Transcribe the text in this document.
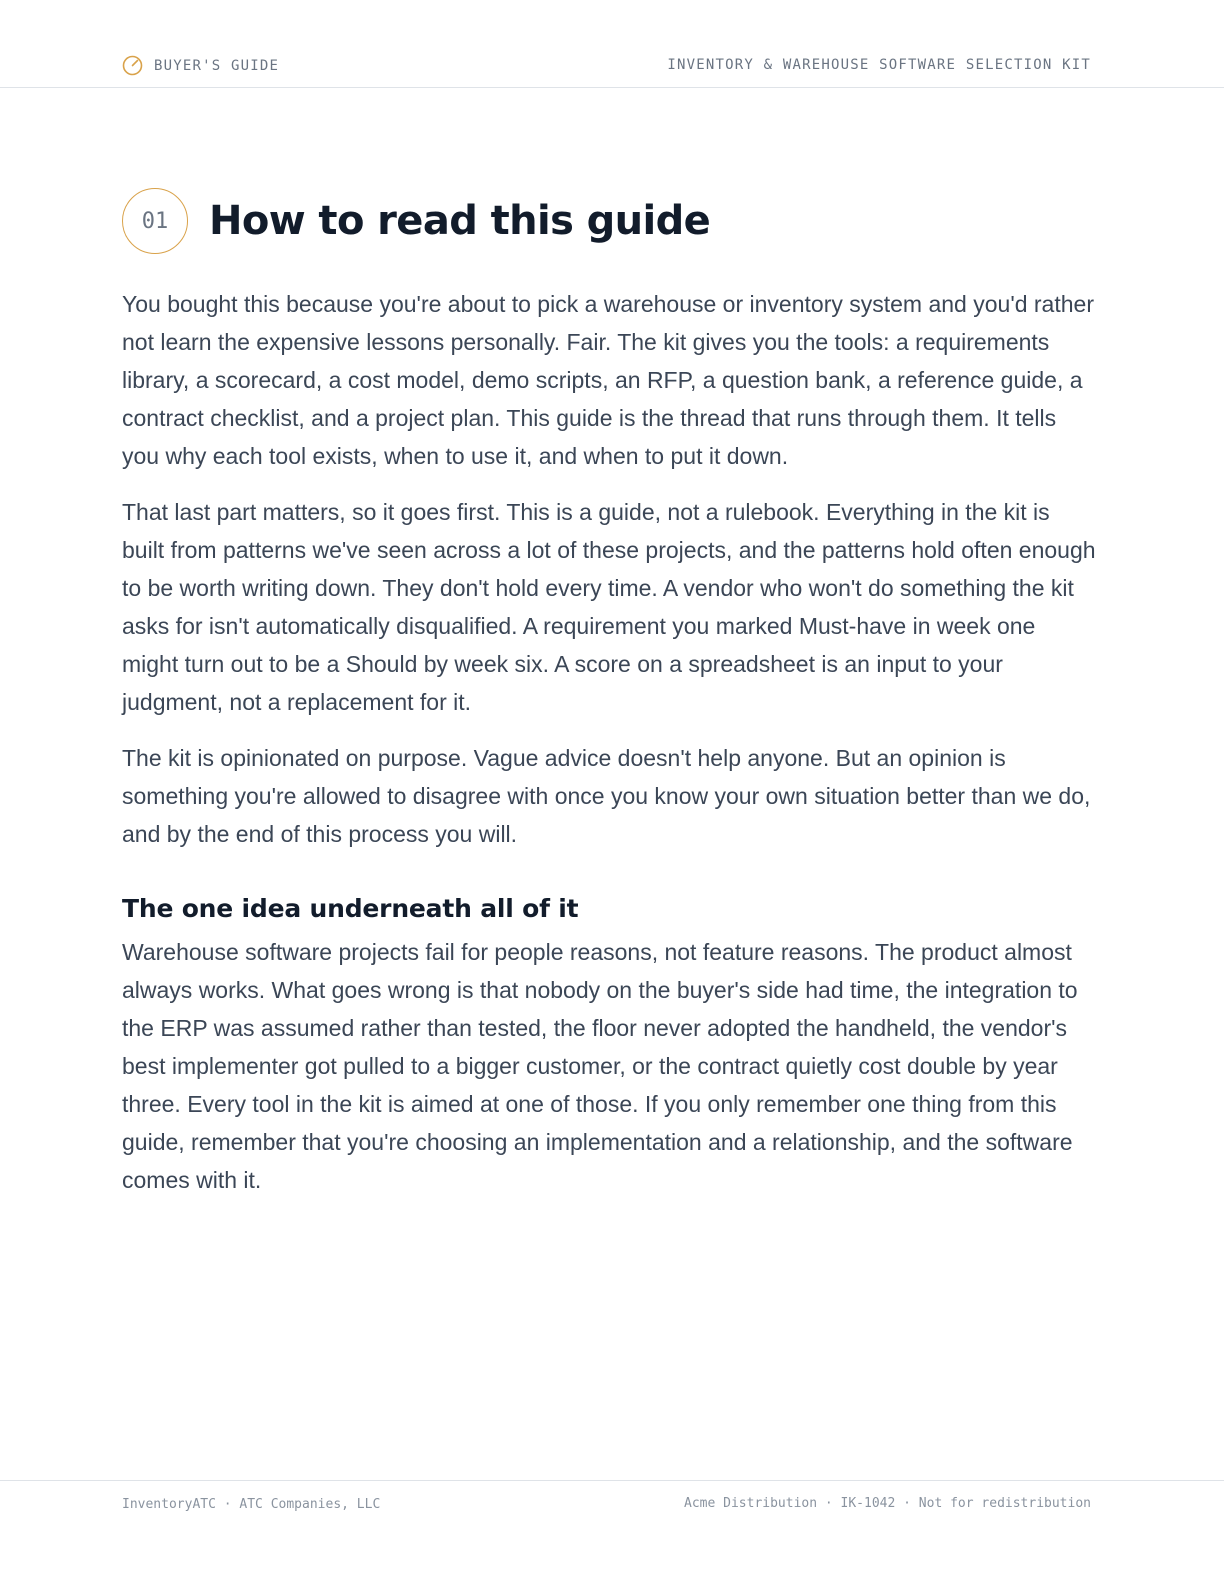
BUYER'S GUIDE	INVENTORY & WAREHOUSE SOFTWARE SELECTION KIT
01	How to read this guide

You bought this because you're about to pick a warehouse or inventory system and you'd rather not learn the expensive lessons personally. Fair. The kit gives you the tools: a requirements library, a scorecard, a cost model, demo scripts, an RFP, a question bank, a reference guide, a contract checklist, and a project plan. This guide is the thread that runs through them. It tells you why each tool exists, when to use it, and when to put it down.

That last part matters, so it goes first. This is a guide, not a rulebook. Everything in the kit is built from patterns we've seen across a lot of these projects, and the patterns hold often enough to be worth writing down. They don't hold every time. A vendor who won't do something the kit asks for isn't automatically disqualified. A requirement you marked Must-have in week one might turn out to be a Should by week six. A score on a spreadsheet is an input to your judgment, not a replacement for it.

The kit is opinionated on purpose. Vague advice doesn't help anyone. But an opinion is something you're allowed to disagree with once you know your own situation better than we do, and by the end of this process you will.

The one idea underneath all of it

Warehouse software projects fail for people reasons, not feature reasons. The product almost always works. What goes wrong is that nobody on the buyer's side had time, the integration to the ERP was assumed rather than tested, the floor never adopted the handheld, the vendor's best implementer got pulled to a bigger customer, or the contract quietly cost double by year three. Every tool in the kit is aimed at one of those. If you only remember one thing from this guide, remember that you're choosing an implementation and a relationship, and the software comes with it.

InventoryATC · ATC Companies, LLC	Acme Distribution · IK-1042 · Not for redistribution
